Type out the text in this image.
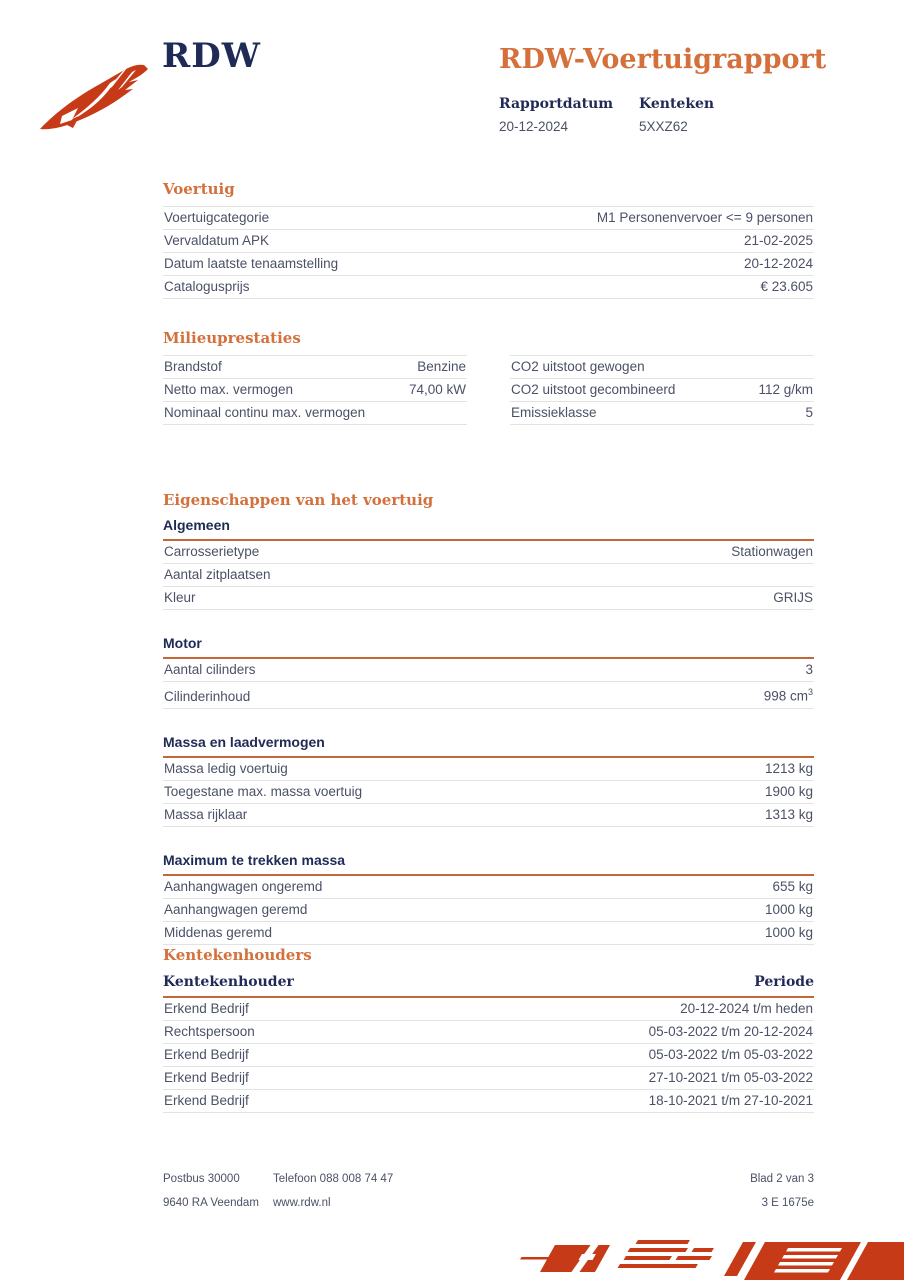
RDW	RDW-Voertuigrapport
Rapportdatum
20-12-2024
Kenteken
5XXZ62
Voertuig
Voertuigcategorie	M1 Personenvervoer <= 9 personen
Vervaldatum APK	21-02-2025
Datum laatste tenaamstelling	20-12-2024
Catalogusprijs	€ 23.605
Milieuprestaties
Brandstof	Benzine
Netto max. vermogen	74,00 kW
Nominaal continu max. vermogen
CO2 uitstoot gewogen
CO2 uitstoot gecombineerd	112 g/km
Emissieklasse	5
Eigenschappen van het voertuig
Algemeen
Carrosserietype	Stationwagen
Aantal zitplaatsen
Kleur	GRIJS
Motor
Aantal cilinders	3
Cilinderinhoud	998 $cm^3$
Massa en laadvermogen
Massa ledig voertuig	1213 kg
Toegestane max. massa voertuig	1900 kg
Massa rijklaar	1313 kg
Maximum te trekken massa
Aanhangwagen ongeremd	655 kg
Aanhangwagen geremd	1000 kg
Middenas geremd	1000 kg
Kentekenhouders
Kentekenhouder	Periode
Erkend Bedrijf	20-12-2024 t/m heden
Rechtspersoon	05-03-2022 t/m 20-12-2024
Erkend Bedrijf	05-03-2022 t/m 05-03-2022
Erkend Bedrijf	27-10-2021 t/m 05-03-2022
Erkend Bedrijf	18-10-2021 t/m 27-10-2021
Postbus 30000
9640 RA Veendam
Telefoon 088 008 74 47
www.rdw.nl
Blad 2 van 3
3 E 1675e
